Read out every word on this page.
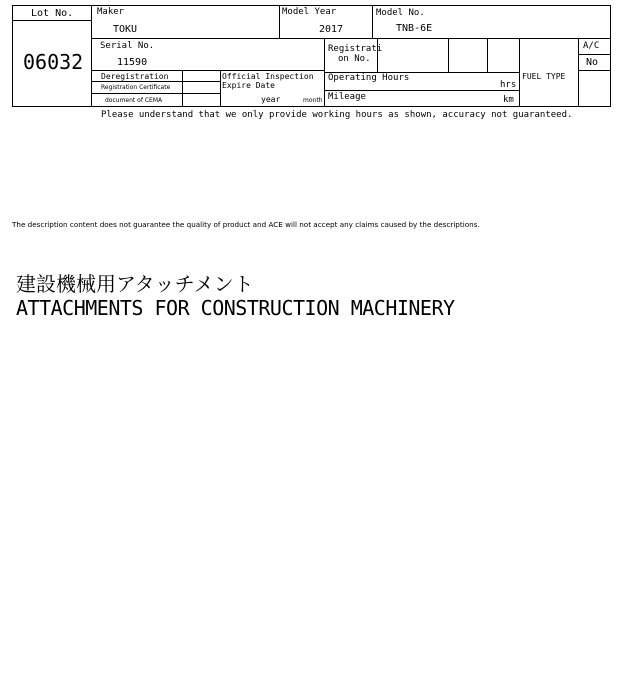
Lot No.
06032
Maker
TOKU
Model Year
2017
Model No.
TNB-6E
Serial No.
11590
Registrati
on No.
A/C
No
Deregistration
Registration Certificate
document of CEMA
Official Inspection
Expire Date
year	month
Operating Hours
hrs
Mileage	km
FUEL TYPE
Please understand that we only provide working hours as shown, accuracy not guaranteed.
The description content does not guarantee the quality of product and ACE will not accept any claims caused by the descriptions.
建設機械用アタッチメント
ATTACHMENTS FOR CONSTRUCTION MACHINERY
